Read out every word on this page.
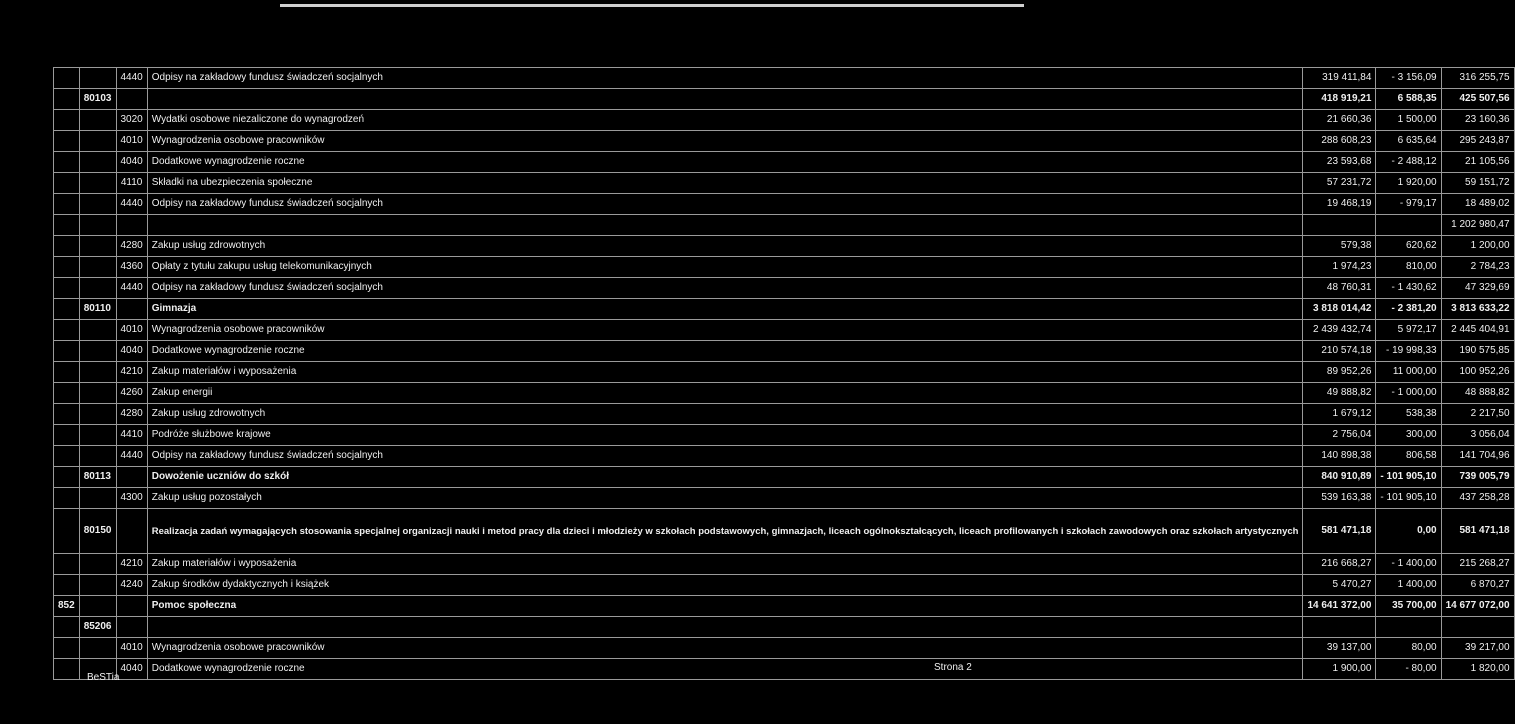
		4440	Odpisy na zakładowy fundusz świadczeń socjalnych	319 411,84	- 3 156,09	316 255,75
	80103			418 919,21	6 588,35	425 507,56
		3020	Wydatki osobowe niezaliczone do wynagrodzeń	21 660,36	1 500,00	23 160,36
		4010	Wynagrodzenia osobowe pracowników	288 608,23	6 635,64	295 243,87
		4040	Dodatkowe wynagrodzenie roczne	23 593,68	- 2 488,12	21 105,56
		4110	Składki na ubezpieczenia społeczne	57 231,72	1 920,00	59 151,72
		4440	Odpisy na zakładowy fundusz świadczeń socjalnych	19 468,19	- 979,17	18 489,02
						1 202 980,47
		4280	Zakup usług zdrowotnych	579,38	620,62	1 200,00
		4360	Opłaty z tytułu zakupu usług telekomunikacyjnych	1 974,23	810,00	2 784,23
		4440	Odpisy na zakładowy fundusz świadczeń socjalnych	48 760,31	- 1 430,62	47 329,69
	80110		Gimnazja	3 818 014,42	- 2 381,20	3 813 633,22
		4010	Wynagrodzenia osobowe pracowników	2 439 432,74	5 972,17	2 445 404,91
		4040	Dodatkowe wynagrodzenie roczne	210 574,18	- 19 998,33	190 575,85
		4210	Zakup materiałów i wyposażenia	89 952,26	11 000,00	100 952,26
		4260	Zakup energii	49 888,82	- 1 000,00	48 888,82
		4280	Zakup usług zdrowotnych	1 679,12	538,38	2 217,50
		4410	Podróże służbowe krajowe	2 756,04	300,00	3 056,04
		4440	Odpisy na zakładowy fundusz świadczeń socjalnych	140 898,38	806,58	141 704,96
	80113		Dowożenie uczniów do szkół	840 910,89	- 101 905,10	739 005,79
		4300	Zakup usług pozostałych	539 163,38	- 101 905,10	437 258,28
	80150		Realizacja zadań wymagających stosowania specjalnej organizacji nauki i metod pracy dla dzieci i młodzieży w szkołach podstawowych, gimnazjach, liceach ogólnokształcących, liceach profilowanych i szkołach zawodowych oraz szkołach artystycznych	581 471,18	0,00	581 471,18
		4210	Zakup materiałów i wyposażenia	216 668,27	- 1 400,00	215 268,27
		4240	Zakup środków dydaktycznych i książek	5 470,27	1 400,00	6 870,27
852			Pomoc społeczna	14 641 372,00	35 700,00	14 677 072,00
	85206					
		4010	Wynagrodzenia osobowe pracowników	39 137,00	80,00	39 217,00
		4040	Dodatkowe wynagrodzenie roczne	1 900,00	- 80,00	1 820,00
BeSTia
Strona 2
